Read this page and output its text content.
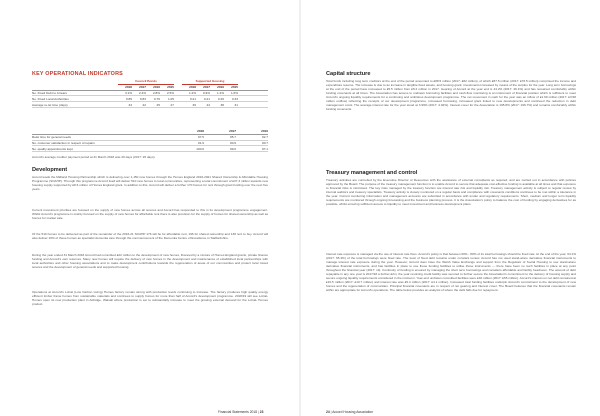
KEY OPERATIONAL INDICATORS
	Council Bonds					Supported Housing				
	2018	2017	2016	2015		2018	2017	2016	2015	
No. Fixed Debt to Arrears	3.1%	2.4%	2.8%	2.5%		1.2%	0.9%	1.4%	1.6%	
No. Fixed Local Authorities	0.89	0.83	0.76	1.05		0.21	0.21	0.26	0.33	
Average re-let time (days)	34	22	25	27		39	44	38	31	
	2018	2017	2016
Relet time for general needs	97.5	95.7	92.7
No. customer satisfaction in respect of repairs	91.9	90.9	90.7
No. quality appointments kept	100.0	99.0	97.1
Accord's average creditor payment period at 31 March 2018 was 29 days (2017: 26 days).
Development
Accord leads the Midland Housing Partnership which is delivering over 1,150 new homes through the Homes England 2016-2021 Shared Ownership & Affordable Housing Programme (SOAHP). Through this programme Accord itself will deliver 510 new homes to local communities, representing a total commitment of £37.3 million towards new housing supply supported by £8.6 million of Homes England grant. In addition to this, Accord will deliver a further 170 homes for rent through grant funding over the next five years.
Current investment priorities are focused on the supply of new homes across all tenures and Accord has responded to this in its development programme engagement. Whilst Accord's programme is mainly focused on the supply of new homes for affordable rent there is also provision for the supply of homes for shared ownership as well as homes for market sale.
Of the 510 homes to be delivered as part of the remainder of the 2016-21 SOAHP 176 will be for affordable rent, 196 for shared ownership and 138 rent to buy. Accord will also deliver 10% of these homes as specialist dementia care through the commencement of the Dementia Centre of Excellence in Staffordshire.
During the year ended 31 March 2018 Accord had committed £22 million to the development of new homes, financed by a mixture of Homes England grants, private finance funding and Accord's own reserves. Many new homes will require the delivery of new homes in the development and maintenance of established local partnerships with local authorities and other housing associations and to make development contributions towards the regeneration of areas of our communities and protect local mixed tenures and the development of general needs and supported housing.
Operations at Accord's LoCal (Low Carbon Living) Homes factory remain strong with production levels continuing to increase. The factory produces high quality energy efficient timber frame homes from sustainable materials and continues to supply homes for more than half of Accord's development programme. 2018/19 will see LoCaL Homes open its new production plant in Aldridge, Walsall where production is set to substantially increase to meet the growing external demand for the LoCaL Homes product.
Financial Statements 2018 | 23
Capital structure
Total funds including long term creditors at the end of the period amounted to £88.5 million (2017: £82 million), of which £87.5 million (2017: £76.5 million) comprised the income and expenditure reserve. The increase is due to an increase in tangible fixed assets, and housing grant; investments increased by means of the surplus for the year. Long term borrowings at the end of the period have increased to £5.5 million from £5.2 million in 2017. Gearing of Accord at the year end is 44.2% (2017: 46.1%) and has remained comfortably within funding covenants at all times. The Association has access to undrawn borrowing facilities and cash-flow monitoring is an instrument of financial position which is sufficient to meet Accord's ongoing liquidity requirements for a continuing and ambitious development programme. The net movement in cash for the year was an inflow of £1.69 million (2017: £3.58 million outflow) reflecting the receipts of our development programme, increased borrowing, increased grant linked to new developments and continued the reduction in debt management costs. The average interest rate for the year stood at 3.99% (2017: 4.02%). Interest cover for the Association is 195.8% (2017: 196.7%) and remains comfortably within funding covenants.
Treasury management and control
Treasury activities are controlled by the Executive Director of Resources with the assistance of external consultants as required, and are carried out in accordance with policies approved by the Board. The purpose of the treasury management function is to enable Accord to secure that adequate cost-effective funding is available at all times and that exposure to financial risks is minimised. The key risks managed by the treasury function are interest rate risk and liquidity risk. Treasury management activity is subject to regular review by internal auditors and treasury specialists. Treasury activity is closely monitored on a regular basis and compliance with covenants conditions continues to be met within a tolerance in the year. Current monitoring information and management accounts are submitted in accordance with lender and regulatory requirements. Short, medium and longer term liquidity requirements are monitored through ongoing forecasting and the business planning process. It is the Association's policy to balance the cost of funding by engaging derivatives for as possible, whilst ensuring sufficient access to liquidity to meet investment and business development plans.
Interest rate exposure is managed via the use of interest rate fixes. Accord's policy is that between 60% - 80% of its total borrowings should be fixed rate. At the end of the year, 64.1% (2017: 65.4%) of the total borrowings were fixed rate. The level of fixed debt remains under constant review. Accord has not used stand-alone derivative financial instruments to manage interest rate exposure during the year. However, Accord does have the Welsh Value Exchange and support from the Regulator of Social Housing to use stand-alone derivative financial instruments, and has facilities in place to use these funding facilities to utilise those instruments — there have been no such facilities in place at any point throughout the financial year (2017: nil). Continuity of funding is ensured by managing the short term borrowings and considers affordable and facility headroom. The amount of debt repayable in any one year is 2017/18 a further £2m, the year revolving credit facility was secured to further secure the Association's commitment to the delivery of housing supply and secure ongoing liquidity requirements considered in the mid-term. Year-end undrawn committed facilities were £40 million (2017: £55 million). Accord's interest on net debt remained at £10.5 million (2017: £10.7 million) and interest rate was £5.4 million (2017: £4.1 million). Increased total funding facilities underpin Accord's commitment to the development of new homes and the regeneration of communities. Principal financial covenants are in respect of net gearing and interest cover. The Board believes that the financial covenants remain within are appropriate for Accord's operations. The table below provides an analysis of where the debt falls due for repayment.
24 | Accord Housing Association
